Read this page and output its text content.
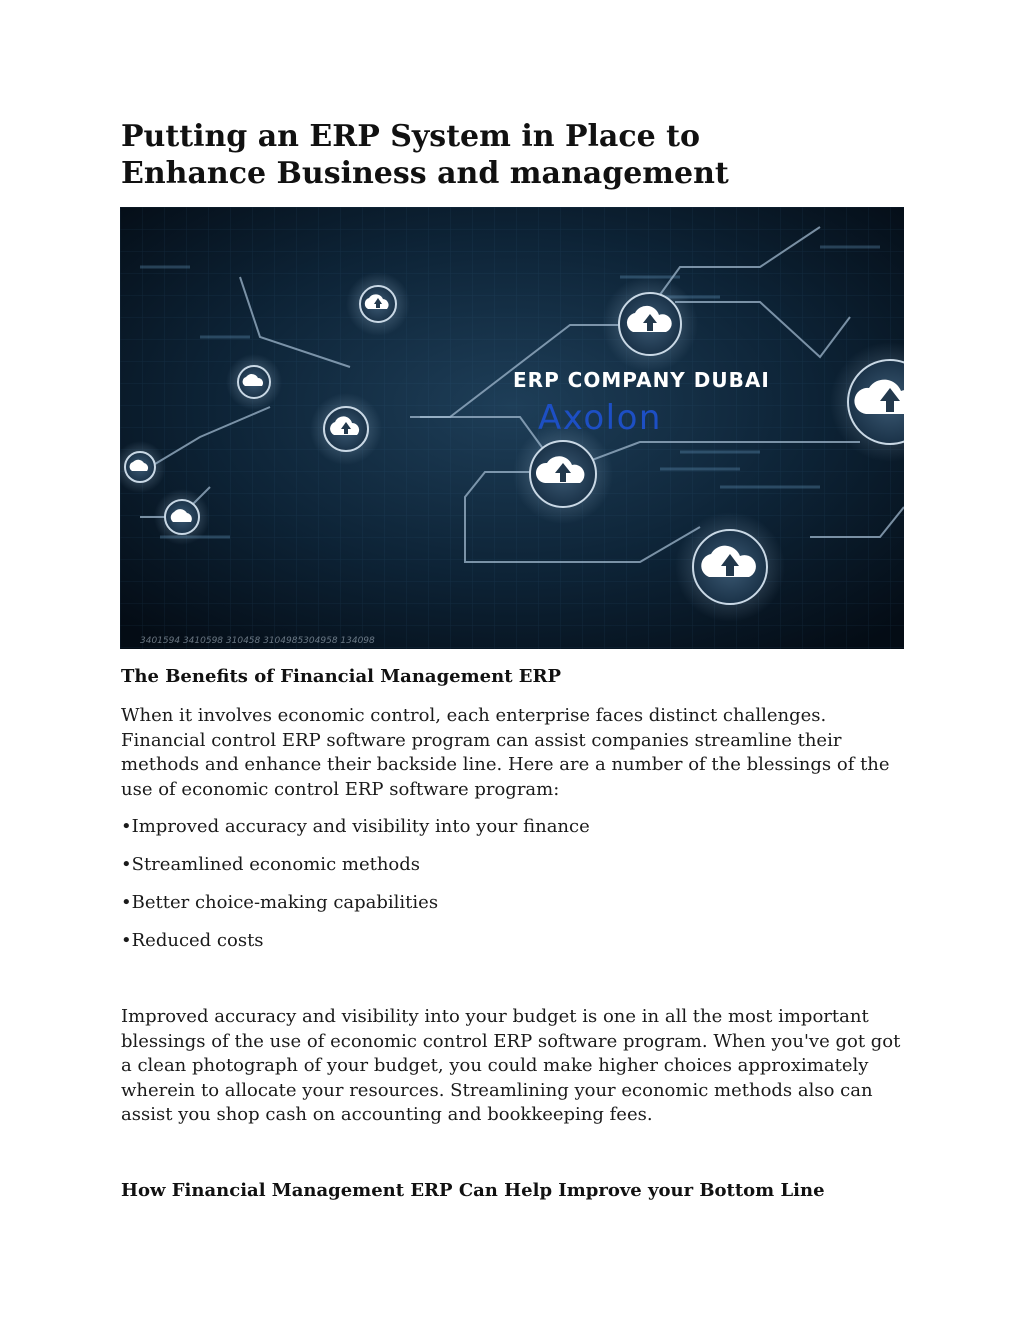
Putting an ERP System in Place to Enhance Business and management
ERP COMPANY DUBAI
Axolon
3401594 3410598 310458 3104985304958 134098
The Benefits of Financial Management ERP

When it involves economic control, each enterprise faces distinct challenges. Financial control ERP software program can assist companies streamline their methods and enhance their backside line. Here are a number of the blessings of the use of economic control ERP software program:

•Improved accuracy and visibility into your finance

•Streamlined economic methods

•Better choice-making capabilities

•Reduced costs

Improved accuracy and visibility into your budget is one in all the most important blessings of the use of economic control ERP software program. When you've got got a clean photograph of your budget, you could make higher choices approximately wherein to allocate your resources. Streamlining your economic methods also can assist you shop cash on accounting and bookkeeping fees.

How Financial Management ERP Can Help Improve your Bottom Line
